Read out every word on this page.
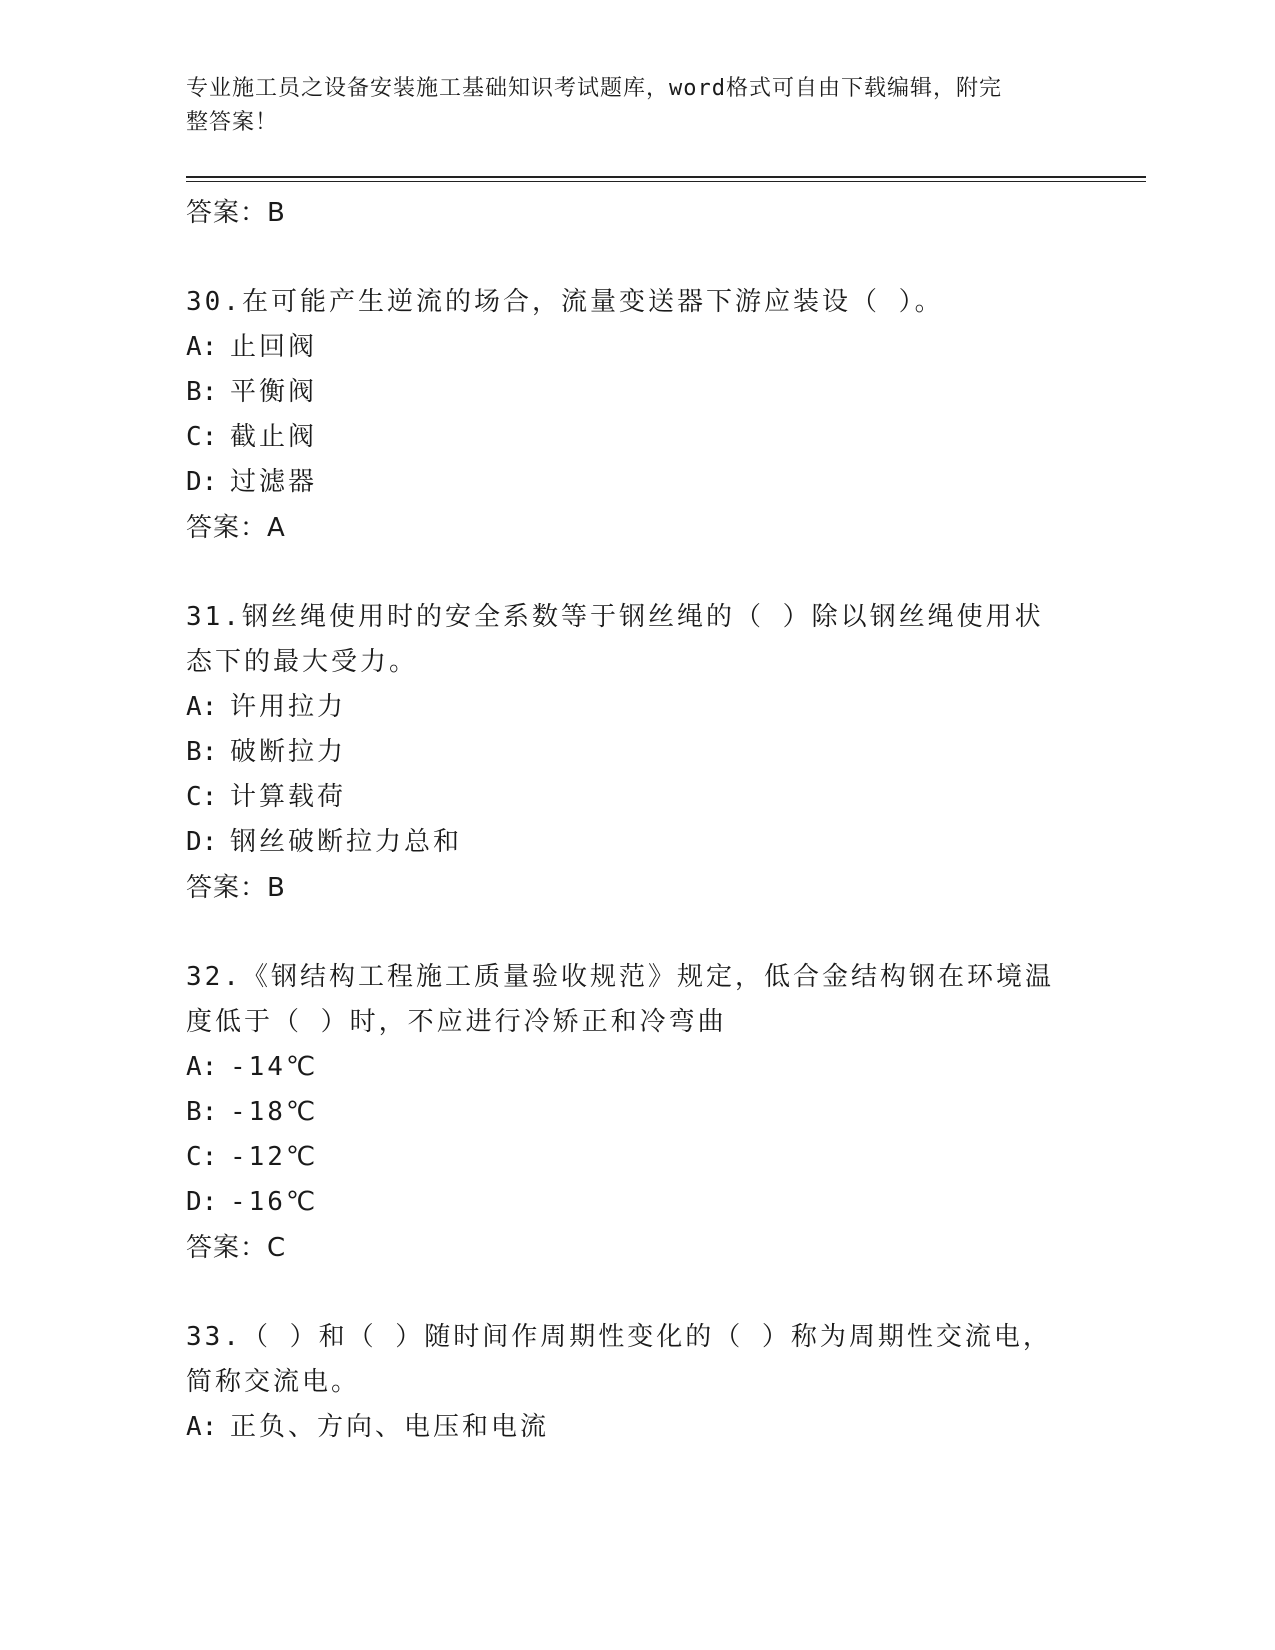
专业施工员之设备安装施工基础知识考试题库，word格式可自由下载编辑，附完
整答案！
答案：B
30.在可能产生逆流的场合，流量变送器下游应装设（ ）。
A: 止回阀
B: 平衡阀
C: 截止阀
D: 过滤器
答案：A
31.钢丝绳使用时的安全系数等于钢丝绳的（ ）除以钢丝绳使用状态下的最大受力。
A: 许用拉力
B: 破断拉力
C: 计算载荷
D: 钢丝破断拉力总和
答案：B
32.《钢结构工程施工质量验收规范》规定，低合金结构钢在环境温度低于（ ）时，不应进行冷矫正和冷弯曲
A: -14℃
B: -18℃
C: -12℃
D: -16℃
答案：C
33.（ ）和（ ）随时间作周期性变化的（ ）称为周期性交流电，简称交流电。
A: 正负、方向、电压和电流
